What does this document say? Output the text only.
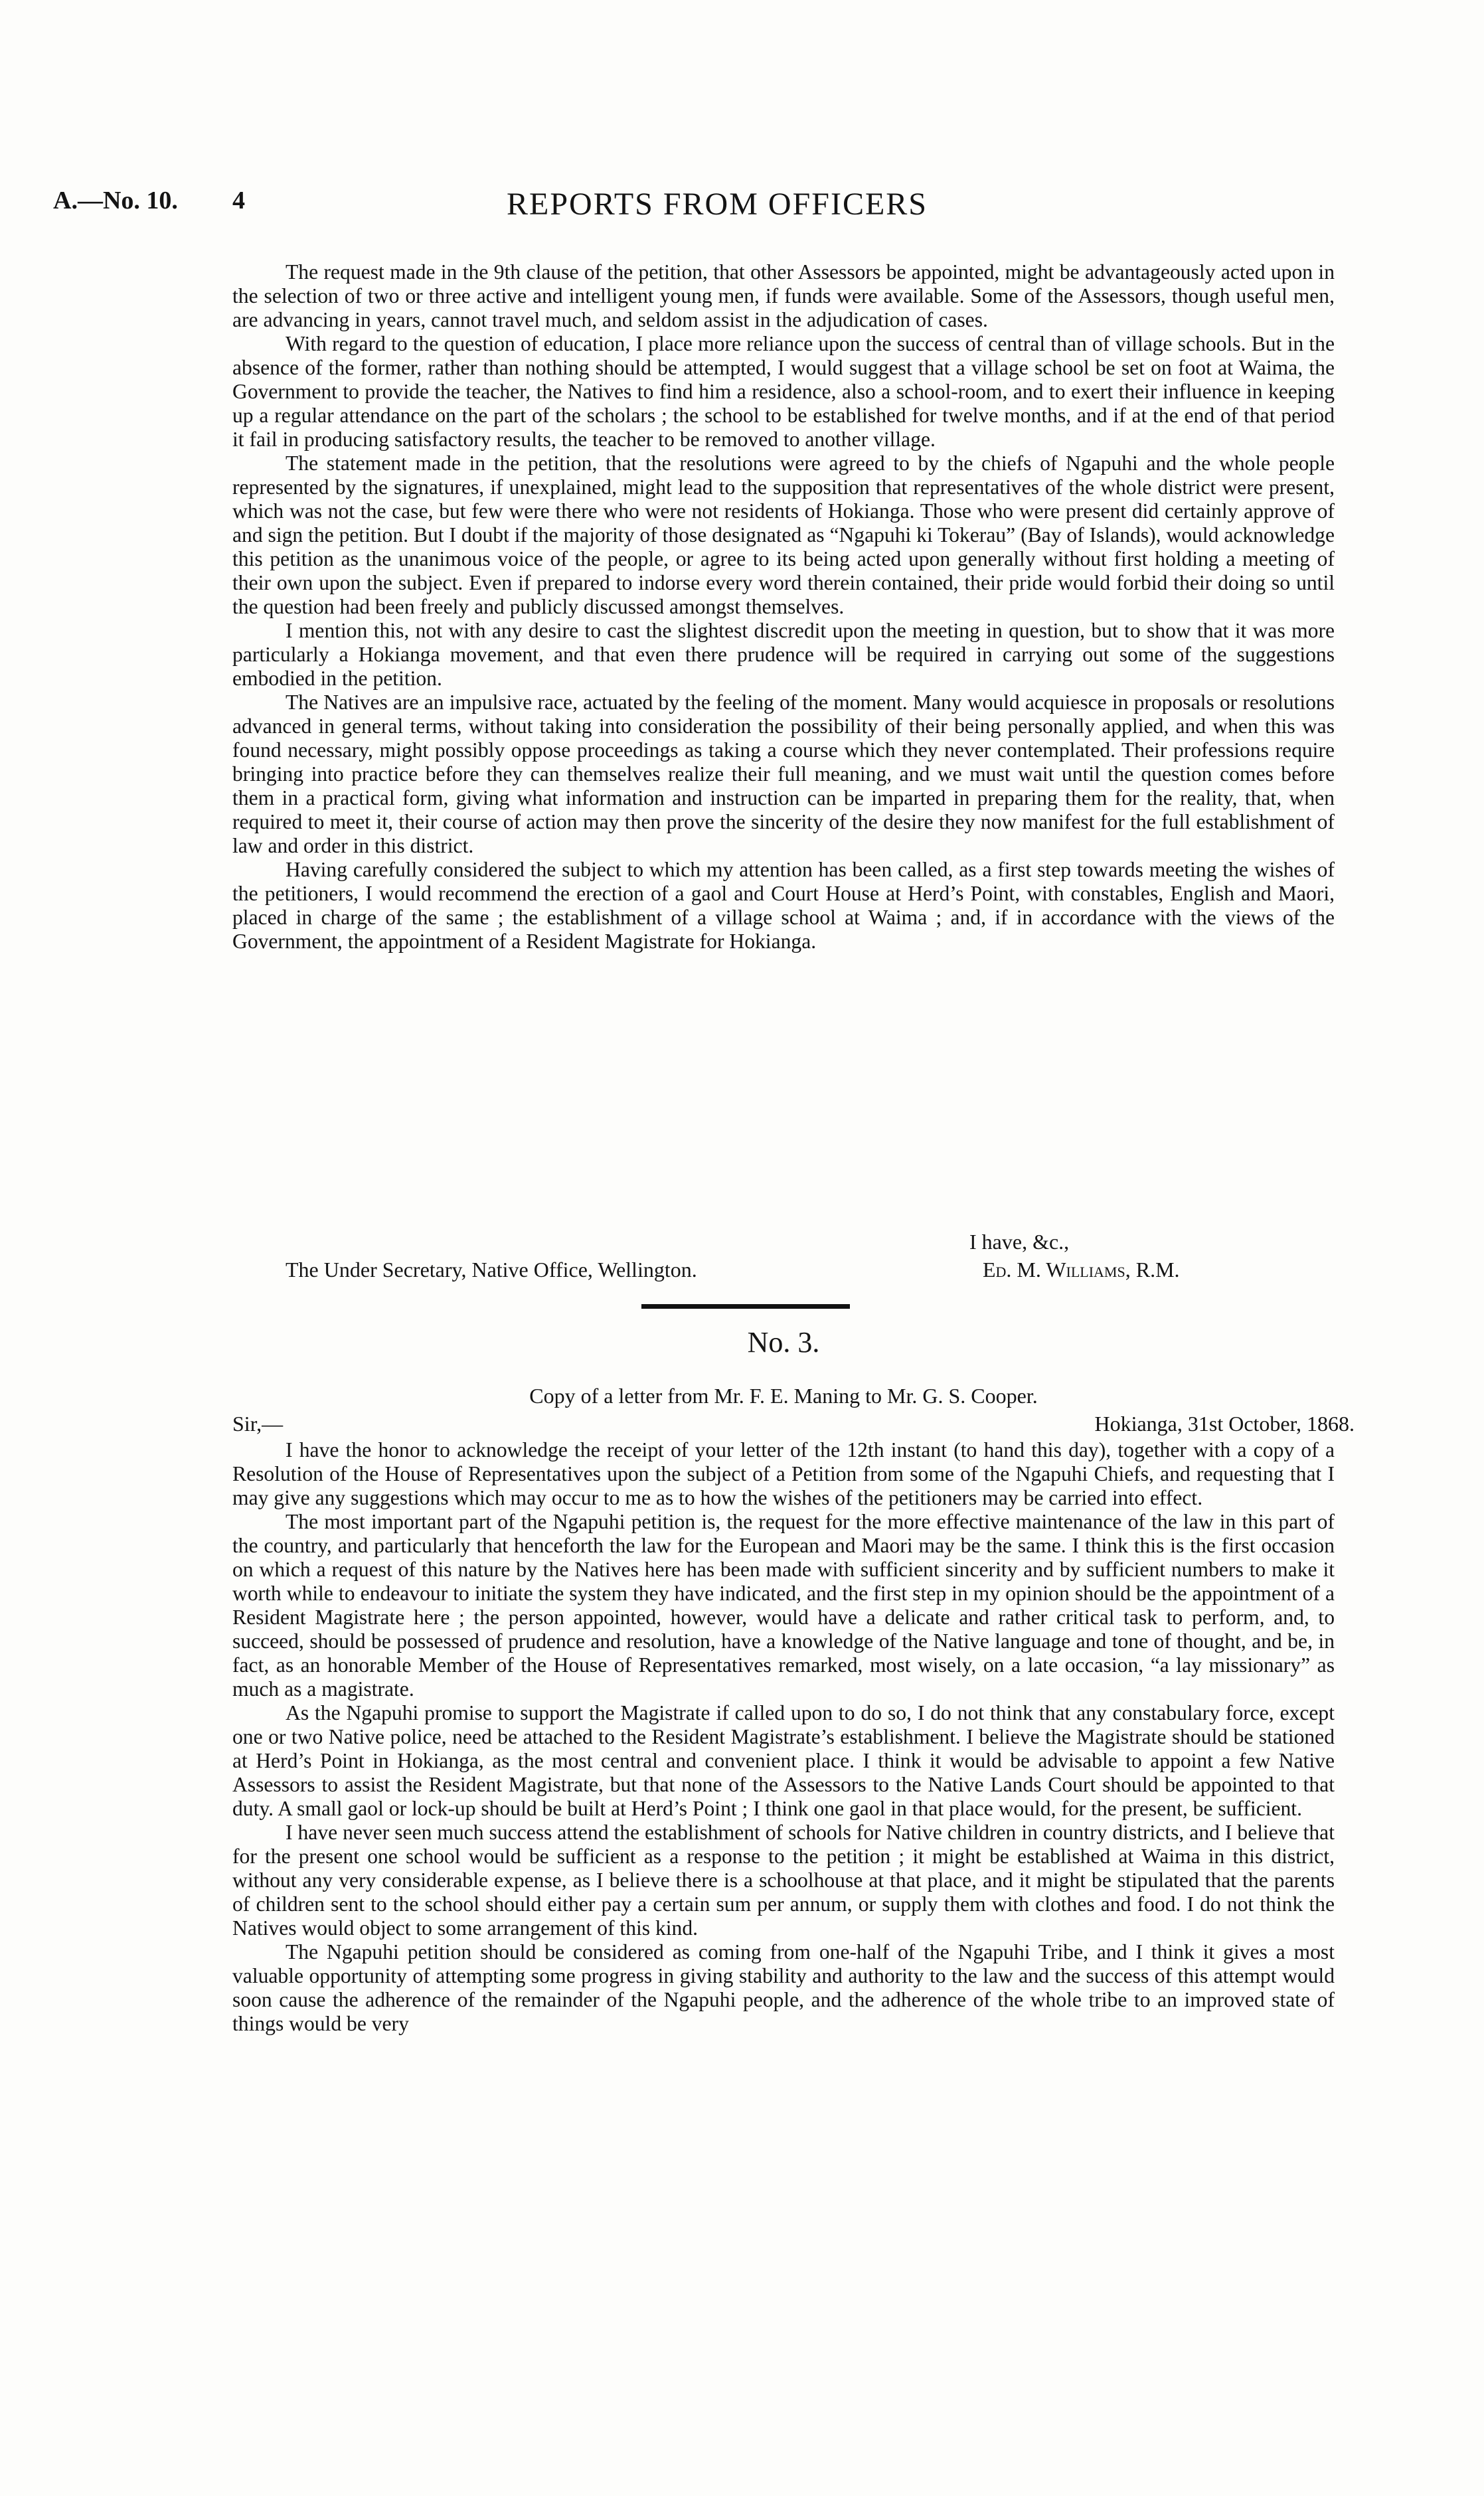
A.—No. 10. 4	REPORTS FROM OFFICERS

The request made in the 9th clause of the petition, that other Assessors be appointed, might be advantageously acted upon in the selection of two or three active and intelligent young men, if funds were available. Some of the Assessors, though useful men, are advancing in years, cannot travel much, and seldom assist in the adjudication of cases.

With regard to the question of education, I place more reliance upon the success of central than of village schools. But in the absence of the former, rather than nothing should be attempted, I would suggest that a village school be set on foot at Waima, the Government to provide the teacher, the Natives to find him a residence, also a school-room, and to exert their influence in keeping up a regular attendance on the part of the scholars ; the school to be established for twelve months, and if at the end of that period it fail in producing satisfactory results, the teacher to be removed to another village.

The statement made in the petition, that the resolutions were agreed to by the chiefs of Ngapuhi and the whole people represented by the signatures, if unexplained, might lead to the supposition that representatives of the whole district were present, which was not the case, but few were there who were not residents of Hokianga. Those who were present did certainly approve of and sign the petition. But I doubt if the majority of those designated as “Ngapuhi ki Tokerau” (Bay of Islands), would acknowledge this petition as the unanimous voice of the people, or agree to its being acted upon generally without first holding a meeting of their own upon the subject. Even if prepared to indorse every word therein contained, their pride would forbid their doing so until the question had been freely and publicly discussed amongst themselves.

I mention this, not with any desire to cast the slightest discredit upon the meeting in question, but to show that it was more particularly a Hokianga movement, and that even there prudence will be required in carrying out some of the suggestions embodied in the petition.

The Natives are an impulsive race, actuated by the feeling of the moment. Many would acquiesce in proposals or resolutions advanced in general terms, without taking into consideration the possibility of their being personally applied, and when this was found necessary, might possibly oppose proceedings as taking a course which they never contemplated. Their professions require bringing into practice before they can themselves realize their full meaning, and we must wait until the question comes before them in a practical form, giving what information and instruction can be imparted in preparing them for the reality, that, when required to meet it, their course of action may then prove the sincerity of the desire they now manifest for the full establishment of law and order in this district.

Having carefully considered the subject to which my attention has been called, as a first step towards meeting the wishes of the petitioners, I would recommend the erection of a gaol and Court House at Herd’s Point, with constables, English and Maori, placed in charge of the same ; the establishment of a village school at Waima ; and, if in accordance with the views of the Government, the appointment of a Resident Magistrate for Hokianga.

I have, &c.,
The Under Secretary, Native Office, Wellington.	Ed. M. Williams, R.M.
No. 3.
Copy of a letter from Mr. F. E. Maning to Mr. G. S. Cooper.
Sir,—	Hokianga, 31st October, 1868.

I have the honor to acknowledge the receipt of your letter of the 12th instant (to hand this day), together with a copy of a Resolution of the House of Representatives upon the subject of a Petition from some of the Ngapuhi Chiefs, and requesting that I may give any suggestions which may occur to me as to how the wishes of the petitioners may be carried into effect.

The most important part of the Ngapuhi petition is, the request for the more effective maintenance of the law in this part of the country, and particularly that henceforth the law for the European and Maori may be the same. I think this is the first occasion on which a request of this nature by the Natives here has been made with sufficient sincerity and by sufficient numbers to make it worth while to endeavour to initiate the system they have indicated, and the first step in my opinion should be the appointment of a Resident Magistrate here ; the person appointed, however, would have a delicate and rather critical task to perform, and, to succeed, should be possessed of prudence and resolution, have a knowledge of the Native language and tone of thought, and be, in fact, as an honorable Member of the House of Representatives remarked, most wisely, on a late occasion, “a lay missionary” as much as a magistrate.

As the Ngapuhi promise to support the Magistrate if called upon to do so, I do not think that any constabulary force, except one or two Native police, need be attached to the Resident Magistrate’s establishment. I believe the Magistrate should be stationed at Herd’s Point in Hokianga, as the most central and convenient place. I think it would be advisable to appoint a few Native Assessors to assist the Resident Magistrate, but that none of the Assessors to the Native Lands Court should be appointed to that duty. A small gaol or lock-up should be built at Herd’s Point ; I think one gaol in that place would, for the present, be sufficient.

I have never seen much success attend the establishment of schools for Native children in country districts, and I believe that for the present one school would be sufficient as a response to the petition ; it might be established at Waima in this district, without any very considerable expense, as I believe there is a schoolhouse at that place, and it might be stipulated that the parents of children sent to the school should either pay a certain sum per annum, or supply them with clothes and food. I do not think the Natives would object to some arrangement of this kind.

The Ngapuhi petition should be considered as coming from one-half of the Ngapuhi Tribe, and I think it gives a most valuable opportunity of attempting some progress in giving stability and authority to the law and the success of this attempt would soon cause the adherence of the remainder of the Ngapuhi people, and the adherence of the whole tribe to an improved state of things would be very
